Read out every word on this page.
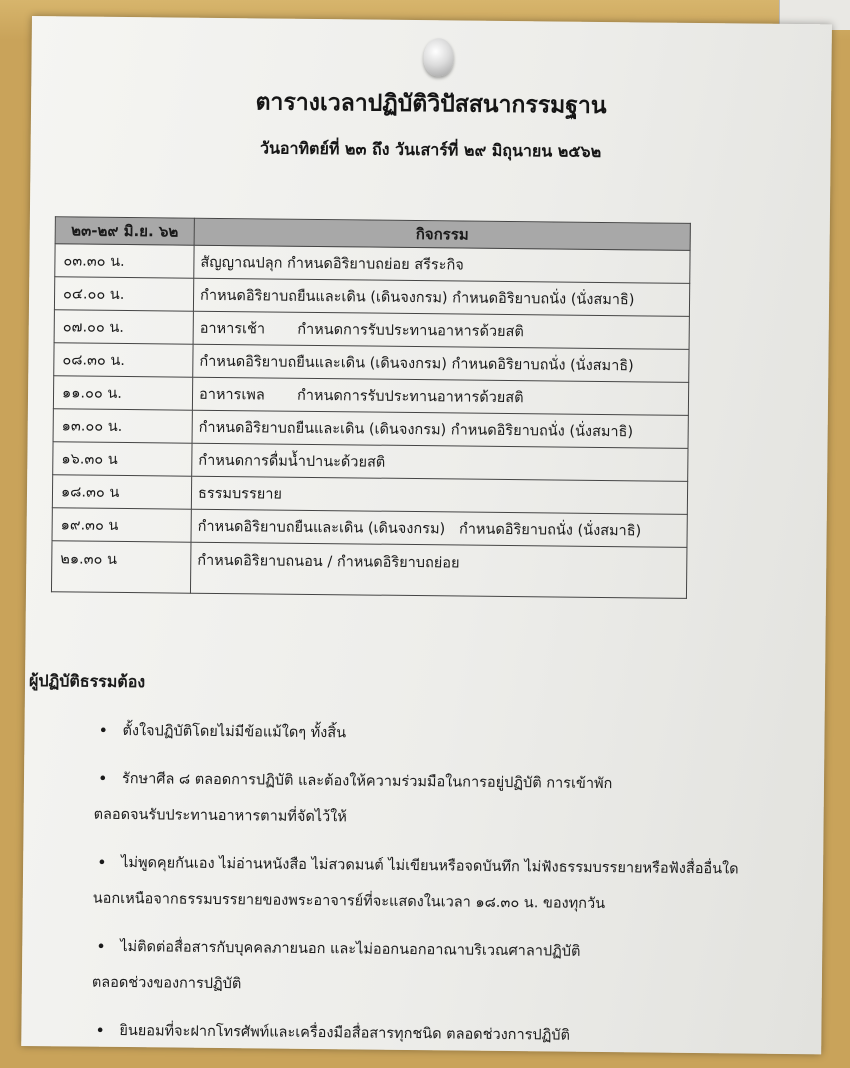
ตารางเวลาปฏิบัติวิปัสสนากรรมฐาน
วันอาทิตย์ที่ ๒๓ ถึง วันเสาร์ที่ ๒๙ มิถุนายน ๒๕๖๒
๒๓-๒๙ มิ.ย. ๖๒	กิจกรรม
๐๓.๓๐ น.	สัญญาณปลุก กำหนดอิริยาบถย่อย สรีระกิจ
๐๔.๐๐ น.	กำหนดอิริยาบถยืนและเดิน (เดินจงกรม) กำหนดอิริยาบถนั่ง (นั่งสมาธิ)
๐๗.๐๐ น.	อาหารเช้า       กำหนดการรับประทานอาหารด้วยสติ
๐๘.๓๐ น.	กำหนดอิริยาบถยืนและเดิน (เดินจงกรม) กำหนดอิริยาบถนั่ง (นั่งสมาธิ)
๑๑.๐๐ น.	อาหารเพล       กำหนดการรับประทานอาหารด้วยสติ
๑๓.๐๐ น.	กำหนดอิริยาบถยืนและเดิน (เดินจงกรม) กำหนดอิริยาบถนั่ง (นั่งสมาธิ)
๑๖.๓๐ น	กำหนดการดื่มน้ำปานะด้วยสติ
๑๘.๓๐ น	ธรรมบรรยาย
๑๙.๓๐ น	กำหนดอิริยาบถยืนและเดิน (เดินจงกรม)   กำหนดอิริยาบถนั่ง (นั่งสมาธิ)
๒๑.๓๐ น	กำหนดอิริยาบถนอน / กำหนดอิริยาบถย่อย
ผู้ปฏิบัติธรรมต้อง
• ตั้งใจปฏิบัติโดยไม่มีข้อแม้ใดๆ ทั้งสิ้น
• รักษาศีล ๘ ตลอดการปฏิบัติ และต้องให้ความร่วมมือในการอยู่ปฏิบัติ การเข้าพัก
ตลอดจนรับประทานอาหารตามที่จัดไว้ให้
• ไม่พูดคุยกันเอง ไม่อ่านหนังสือ ไม่สวดมนต์ ไม่เขียนหรือจดบันทึก ไม่ฟังธรรมบรรยายหรือฟังสื่ออื่นใด
นอกเหนือจากธรรมบรรยายของพระอาจารย์ที่จะแสดงในเวลา ๑๘.๓๐ น. ของทุกวัน
• ไม่ติดต่อสื่อสารกับบุคคลภายนอก และไม่ออกนอกอาณาบริเวณศาลาปฏิบัติ
ตลอดช่วงของการปฏิบัติ
• ยินยอมที่จะฝากโทรศัพท์และเครื่องมือสื่อสารทุกชนิด ตลอดช่วงการปฏิบัติ
